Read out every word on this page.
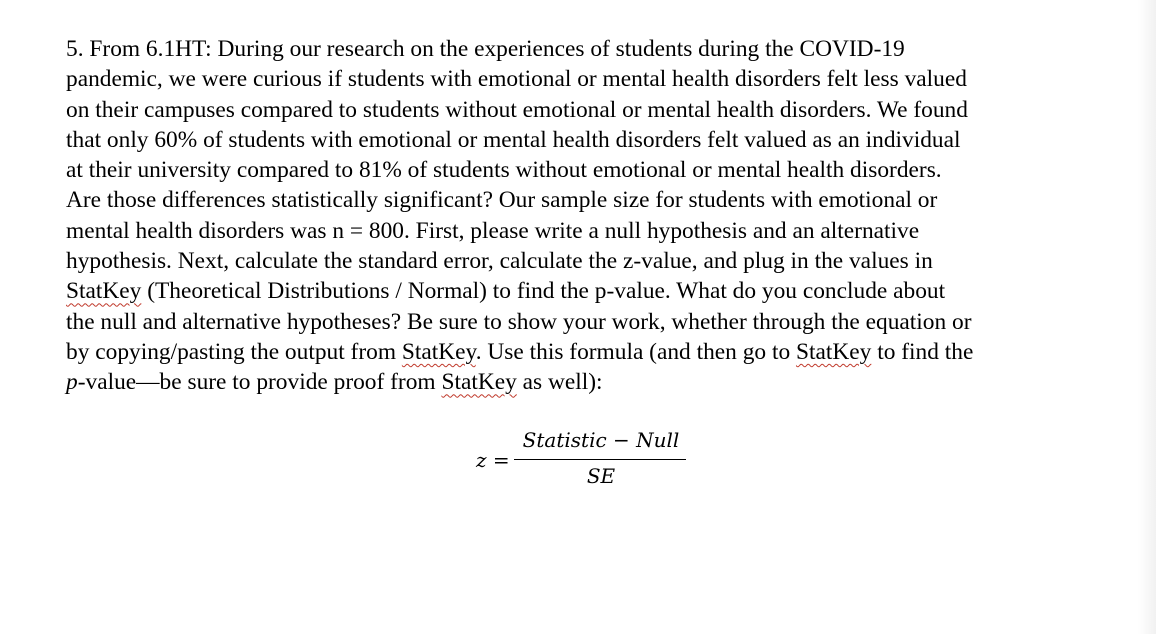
5. From 6.1HT: During our research on the experiences of students during the COVID-19
pandemic, we were curious if students with emotional or mental health disorders felt less valued
on their campuses compared to students without emotional or mental health disorders. We found
that only 60% of students with emotional or mental health disorders felt valued as an individual
at their university compared to 81% of students without emotional or mental health disorders.
Are those differences statistically significant? Our sample size for students with emotional or
mental health disorders was n = 800. First, please write a null hypothesis and an alternative
hypothesis. Next, calculate the standard error, calculate the z-value, and plug in the values in
StatKey (Theoretical Distributions / Normal) to find the p-value. What do you conclude about
the null and alternative hypotheses? Be sure to show your work, whether through the equation or
by copying/pasting the output from StatKey. Use this formula (and then go to StatKey to find the
p-value—be sure to provide proof from StatKey as well):
z =
Statistic − Null
SE
